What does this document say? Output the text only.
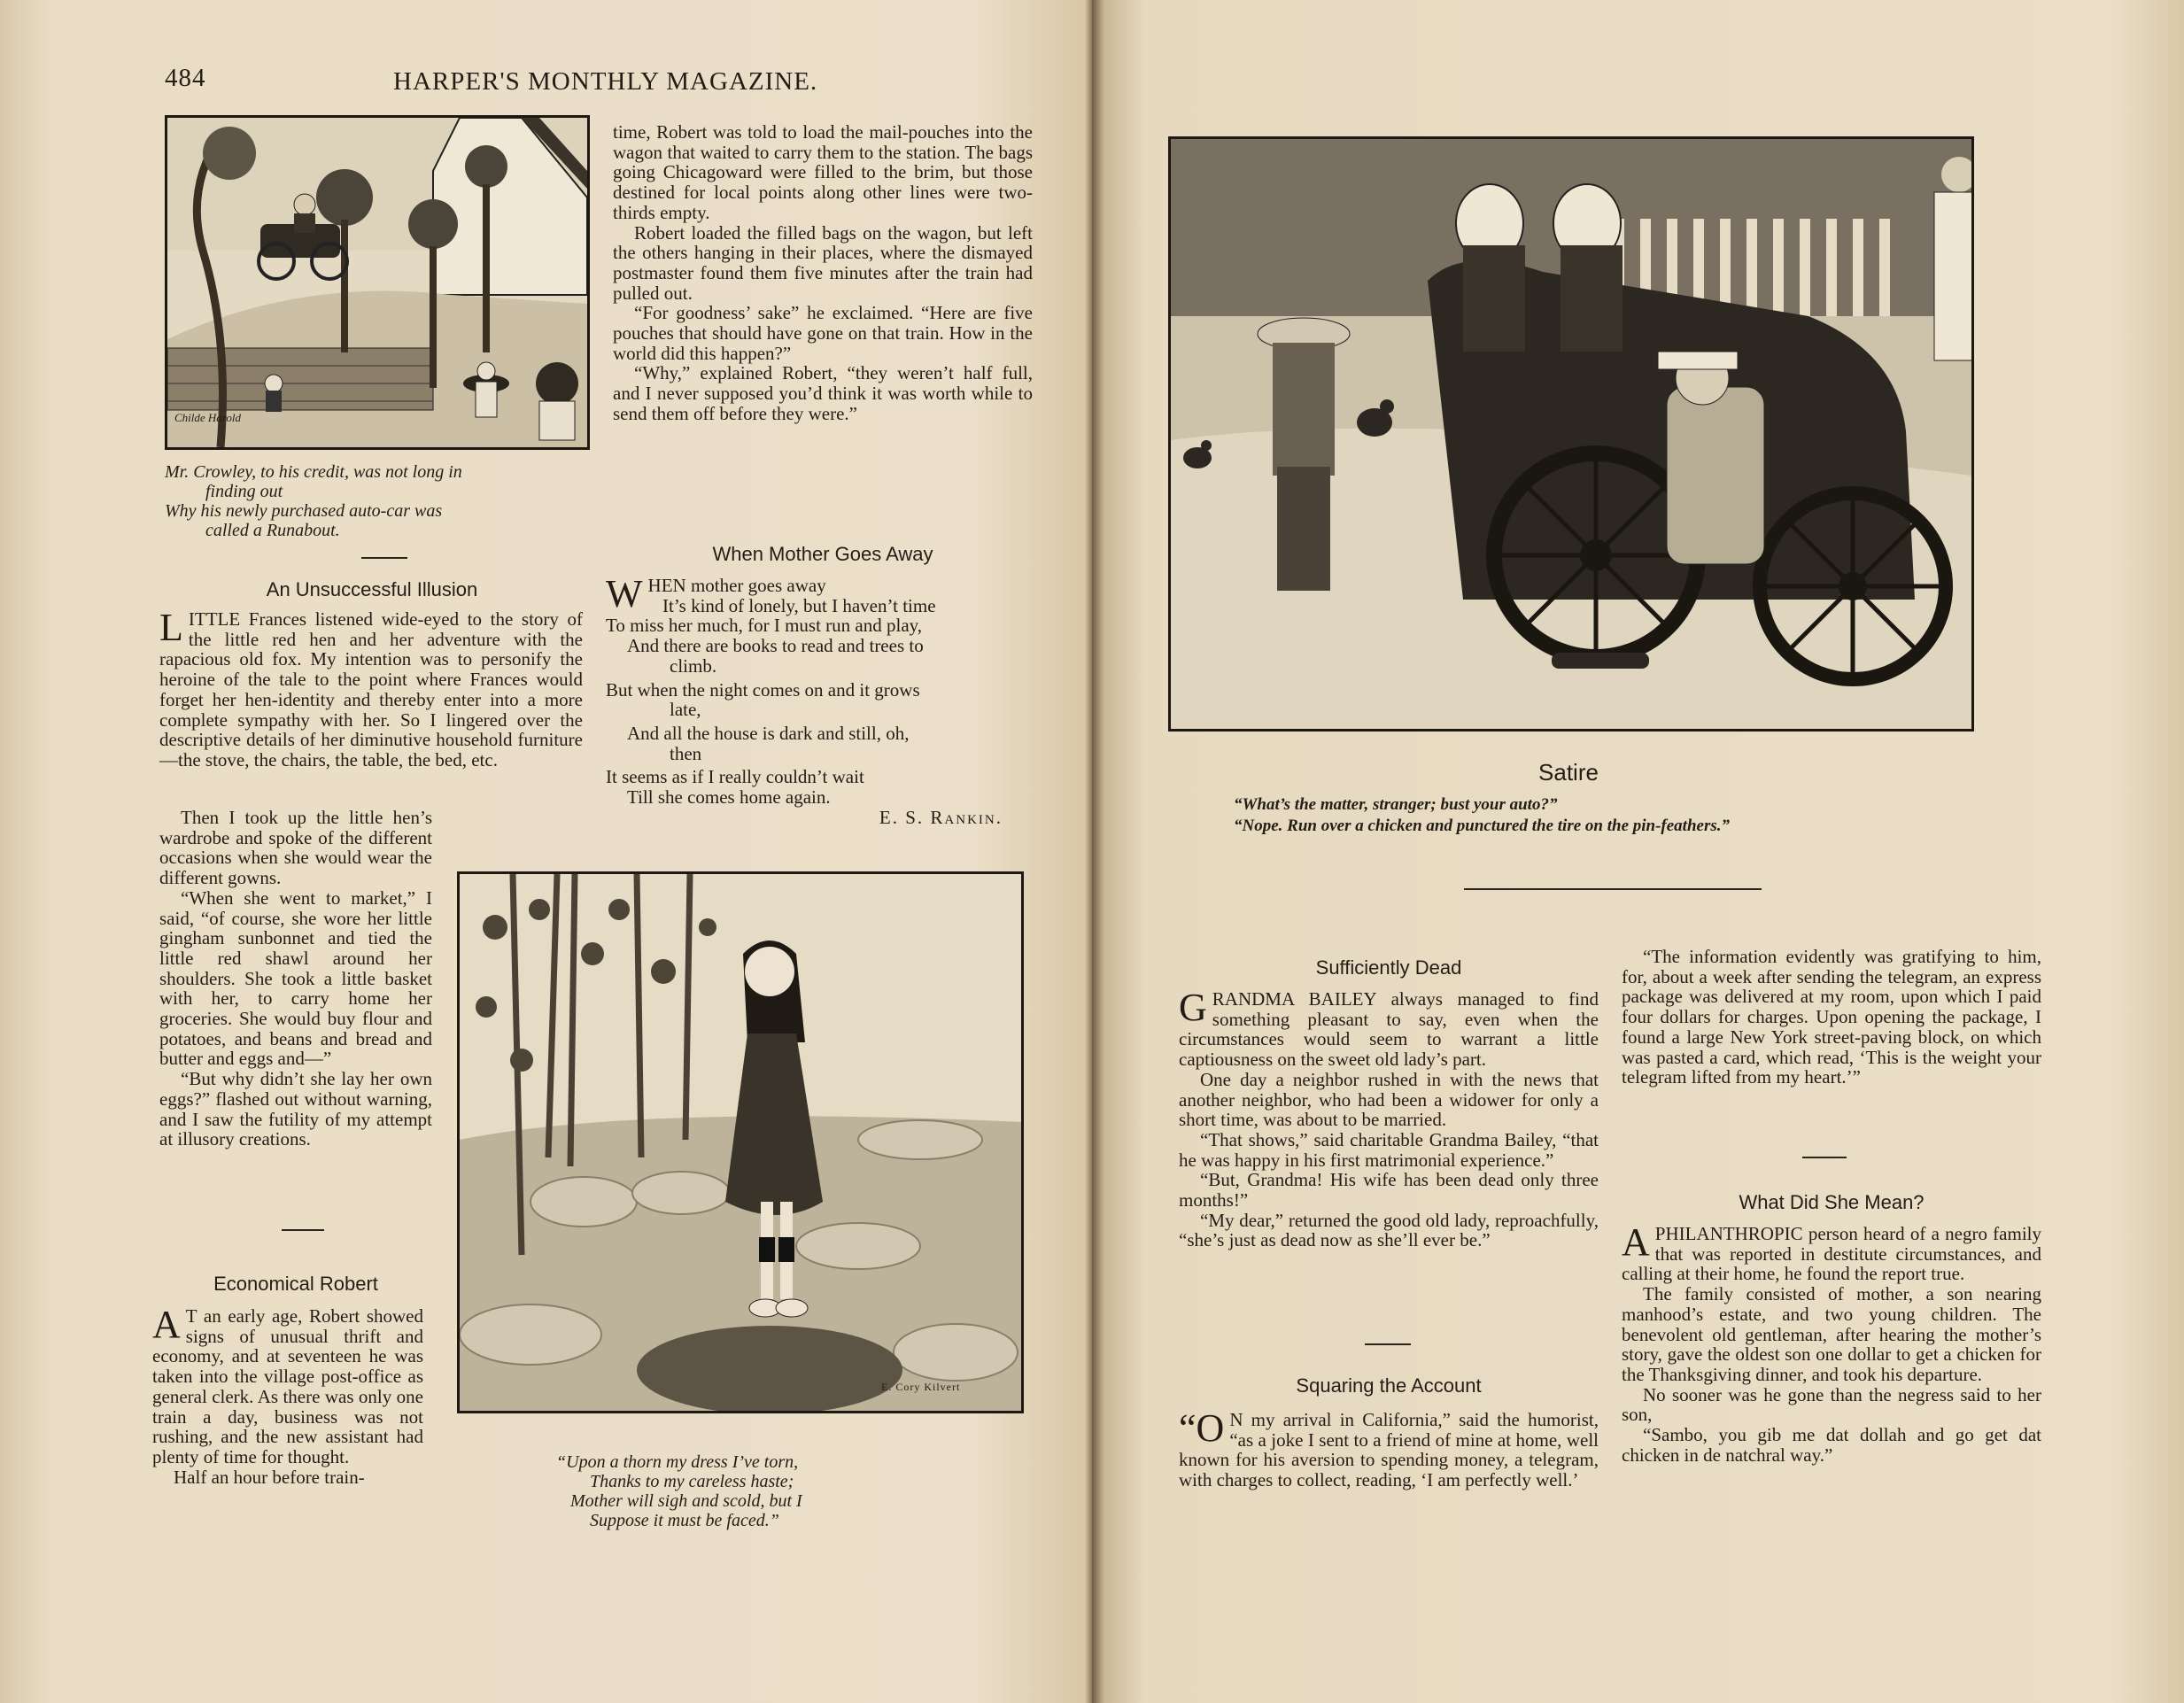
484	HARPER'S MONTHLY MAGAZINE.
Childe Harold
Mr. Crowley, to his credit, was not long in
finding out
Why his newly purchased auto-car was
called a Runabout.
An Unsuccessful Illusion

LITTLE Frances listened wide-eyed to the story of the little red hen and her adventure with the rapacious old fox. My intention was to personify the heroine of the tale to the point where Frances would forget her hen-identity and thereby enter into a more complete sympathy with her. So I lingered over the descriptive details of her diminutive household furniture—the stove, the chairs, the table, the bed, etc.

Then I took up the little hen’s wardrobe and spoke of the different occasions when she would wear the different gowns.

“When she went to market,” I said, “of course, she wore her little gingham sunbonnet and tied the little red shawl around her shoulders. She took a little basket with her, to carry home her groceries. She would buy flour and potatoes, and beans and bread and butter and eggs and—”

“But why didn’t she lay her own eggs?” flashed out without warning, and I saw the futility of my attempt at illusory creations.

Economical Robert

A T an early age, Robert showed signs of unusual thrift and economy, and at seventeen he was taken into the village post-office as general clerk. As there was only one train a day, business was not rushing, and the new assistant had plenty of time for thought.

Half an hour before train-

time, Robert was told to load the mail-pouches into the wagon that waited to carry them to the station. The bags going Chicagoward were filled to the brim, but those destined for local points along other lines were two-thirds empty.

Robert loaded the filled bags on the wagon, but left the others hanging in their places, where the dismayed postmaster found them five minutes after the train had pulled out.

“For goodness’ sake” he exclaimed. “Here are five pouches that should have gone on that train. How in the world did this happen?”

“Why,” explained Robert, “they weren’t half full, and I never supposed you’d think it was worth while to send them off before they were.”

When Mother Goes Away
WHEN mother goes away
It’s kind of lonely, but I haven’t time
To miss her much, for I must run and play,
And there are books to read and trees to
climb.
But when the night comes on and it grows
late,
And all the house is dark and still, oh,
then
It seems as if I really couldn’t wait
Till she comes home again.
E. S. Rankin.
E. Cory Kilvert
“Upon a thorn my dress I’ve torn,
Thanks to my careless haste;
Mother will sigh and scold, but I
Suppose it must be faced.”
Satire
“What’s the matter, stranger; bust your auto?”
“Nope. Run over a chicken and punctured the tire on the pin-feathers.”
Sufficiently Dead

GRANDMA BAILEY always managed to find something pleasant to say, even when the circumstances would seem to warrant a little captiousness on the sweet old lady’s part.

One day a neighbor rushed in with the news that another neighbor, who had been a widower for only a short time, was about to be married.

“That shows,” said charitable Grandma Bailey, “that he was happy in his first matrimonial experience.”

“But, Grandma! His wife has been dead only three months!”

“My dear,” returned the good old lady, reproachfully, “she’s just as dead now as she’ll ever be.”

Squaring the Account

“O N my arrival in California,” said the humorist, “as a joke I sent to a friend of mine at home, well known for his aversion to spending money, a telegram, with charges to collect, reading, ‘I am perfectly well.’

“The information evidently was gratifying to him, for, about a week after sending the telegram, an express package was delivered at my room, upon which I paid four dollars for charges. Upon opening the package, I found a large New York street-paving block, on which was pasted a card, which read, ‘This is the weight your telegram lifted from my heart.’”

What Did She Mean?

APHILANTHROPIC person heard of a negro family that was reported in destitute circumstances, and calling at their home, he found the report true.

The family consisted of mother, a son nearing manhood’s estate, and two young children. The benevolent old gentleman, after hearing the mother’s story, gave the oldest son one dollar to get a chicken for the Thanksgiving dinner, and took his departure.

No sooner was he gone than the negress said to her son,

“Sambo, you gib me dat dollah and go get dat chicken in de natchral way.”
